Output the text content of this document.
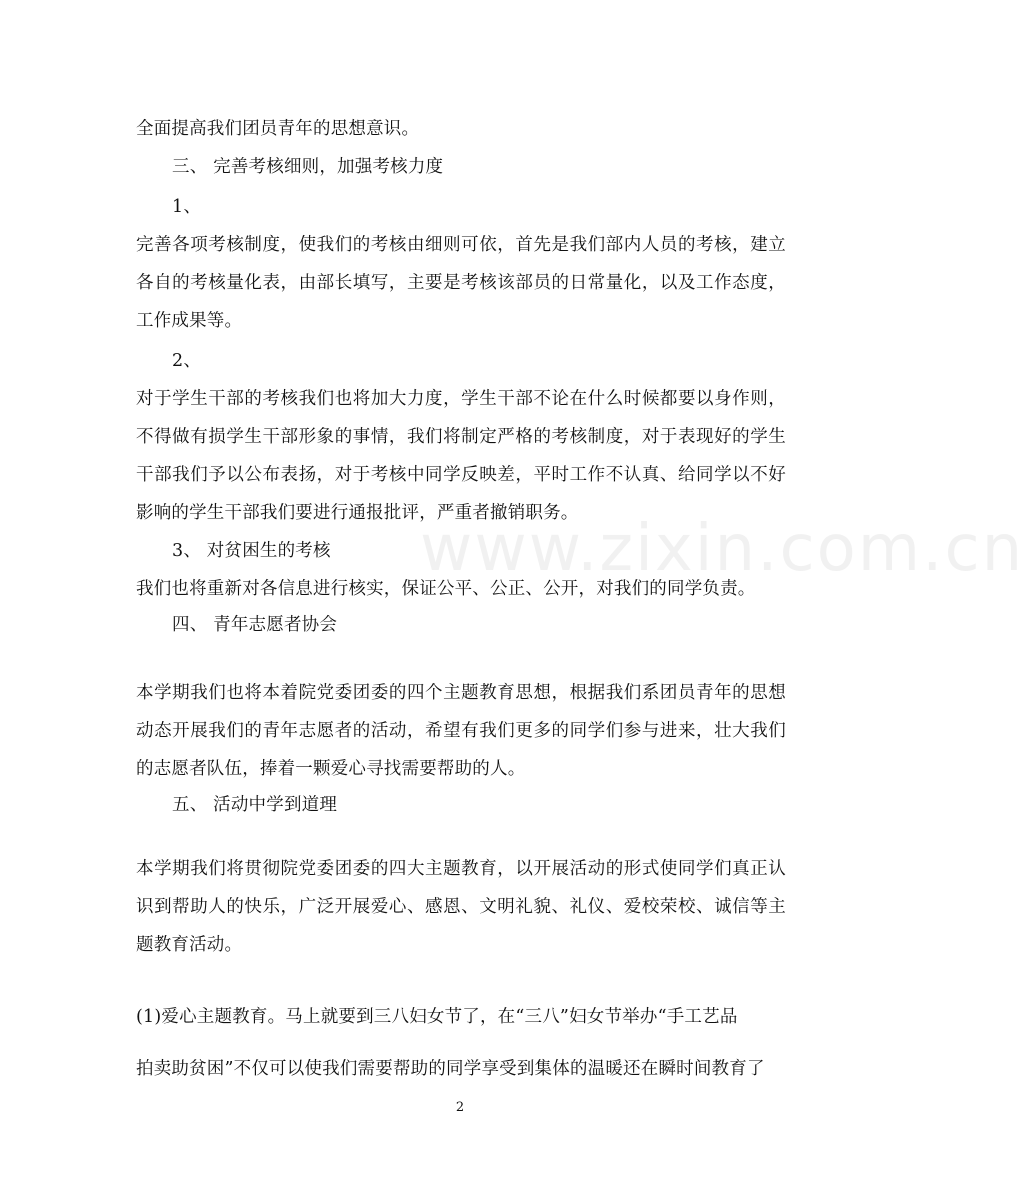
www.zixin.com.cn
全面提高我们团员青年的思想意识。
三、 完善考核细则，加强考核力度
1、
完善各项考核制度，使我们的考核由细则可依，首先是我们部内人员的考核，建立各自的考核量化表，由部长填写，主要是考核该部员的日常量化，以及工作态度，工作成果等。
2、
对于学生干部的考核我们也将加大力度，学生干部不论在什么时候都要以身作则，不得做有损学生干部形象的事情，我们将制定严格的考核制度，对于表现好的学生干部我们予以公布表扬，对于考核中同学反映差，平时工作不认真、给同学以不好影响的学生干部我们要进行通报批评，严重者撤销职务。
3、 对贫困生的考核
我们也将重新对各信息进行核实，保证公平、公正、公开，对我们的同学负责。
四、 青年志愿者协会
本学期我们也将本着院党委团委的四个主题教育思想，根据我们系团员青年的思想动态开展我们的青年志愿者的活动，希望有我们更多的同学们参与进来，壮大我们的志愿者队伍，捧着一颗爱心寻找需要帮助的人。
五、 活动中学到道理
本学期我们将贯彻院党委团委的四大主题教育，以开展活动的形式使同学们真正认识到帮助人的快乐，广泛开展爱心、感恩、文明礼貌、礼仪、爱校荣校、诚信等主题教育活动。
(1)爱心主题教育。马上就要到三八妇女节了，在“三八”妇女节举办“手工艺品
拍卖助贫困”不仅可以使我们需要帮助的同学享受到集体的温暖还在瞬时间教育了
2
